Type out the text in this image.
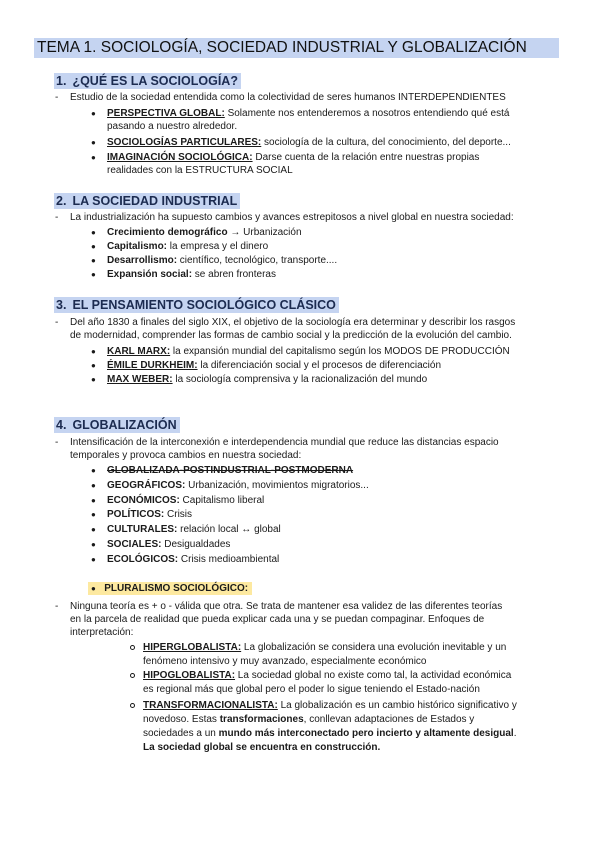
TEMA 1. SOCIOLOGÍA, SOCIEDAD INDUSTRIAL Y GLOBALIZACIÓN
1. ¿QUÉ ES LA SOCIOLOGÍA?
- Estudio de la sociedad entendida como la colectividad de seres humanos INTERDEPENDIENTES
● PERSPECTIVA GLOBAL: Solamente nos entenderemos a nosotros entendiendo qué está
pasando a nuestro alrededor.
● SOCIOLOGÍAS PARTICULARES: sociología de la cultura, del conocimiento, del deporte...
● IMAGINACIÓN SOCIOLÓGICA: Darse cuenta de la relación entre nuestras propias
realidades con la ESTRUCTURA SOCIAL
2. LA SOCIEDAD INDUSTRIAL
- La industrialización ha supuesto cambios y avances estrepitosos a nivel global en nuestra sociedad:
● Crecimiento demográfico → Urbanización
● Capitalismo: la empresa y el dinero
● Desarrollismo: científico, tecnológico, transporte....
● Expansión social: se abren fronteras
3. EL PENSAMIENTO SOCIOLÓGICO CLÁSICO
- Del año 1830 a finales del siglo XIX, el objetivo de la sociología era determinar y describir los rasgos
de modernidad, comprender las formas de cambio social y la predicción de la evolución del cambio.
● KARL MARX: la expansión mundial del capitalismo según los MODOS DE PRODUCCIÓN
● ÉMILE DURKHEIM: la diferenciación social y el procesos de diferenciación
● MAX WEBER: la sociología comprensiva y la racionalización del mundo
4. GLOBALIZACIÓN
- Intensificación de la interconexión e interdependencia mundial que reduce las distancias espacio
temporales y provoca cambios en nuestra sociedad:
● GLOBALIZADA-POSTINDUSTRIAL-POSTMODERNA
● GEOGRÁFICOS: Urbanización, movimientos migratorios...
● ECONÓMICOS: Capitalismo liberal
● POLÍTICOS: Crisis
● CULTURALES: relación local ↔ global
● SOCIALES: Desigualdades
● ECOLÓGICOS: Crisis medioambiental
● PLURALISMO SOCIOLÓGICO:
- Ninguna teoría es + o - válida que otra. Se trata de mantener esa validez de las diferentes teorías
en la parcela de realidad que pueda explicar cada una y se puedan compaginar. Enfoques de
interpretación:
HIPERGLOBALISTA: La globalización se considera una evolución inevitable y un
fenómeno intensivo y muy avanzado, especialmente económico
HIPOGLOBALISTA: La sociedad global no existe como tal, la actividad económica
es regional más que global pero el poder lo sigue teniendo el Estado-nación
TRANSFORMACIONALISTA: La globalización es un cambio histórico significativo y
novedoso. Estas transformaciones, conllevan adaptaciones de Estados y
sociedades a un mundo más interconectado pero incierto y altamente desigual.
La sociedad global se encuentra en construcción.
